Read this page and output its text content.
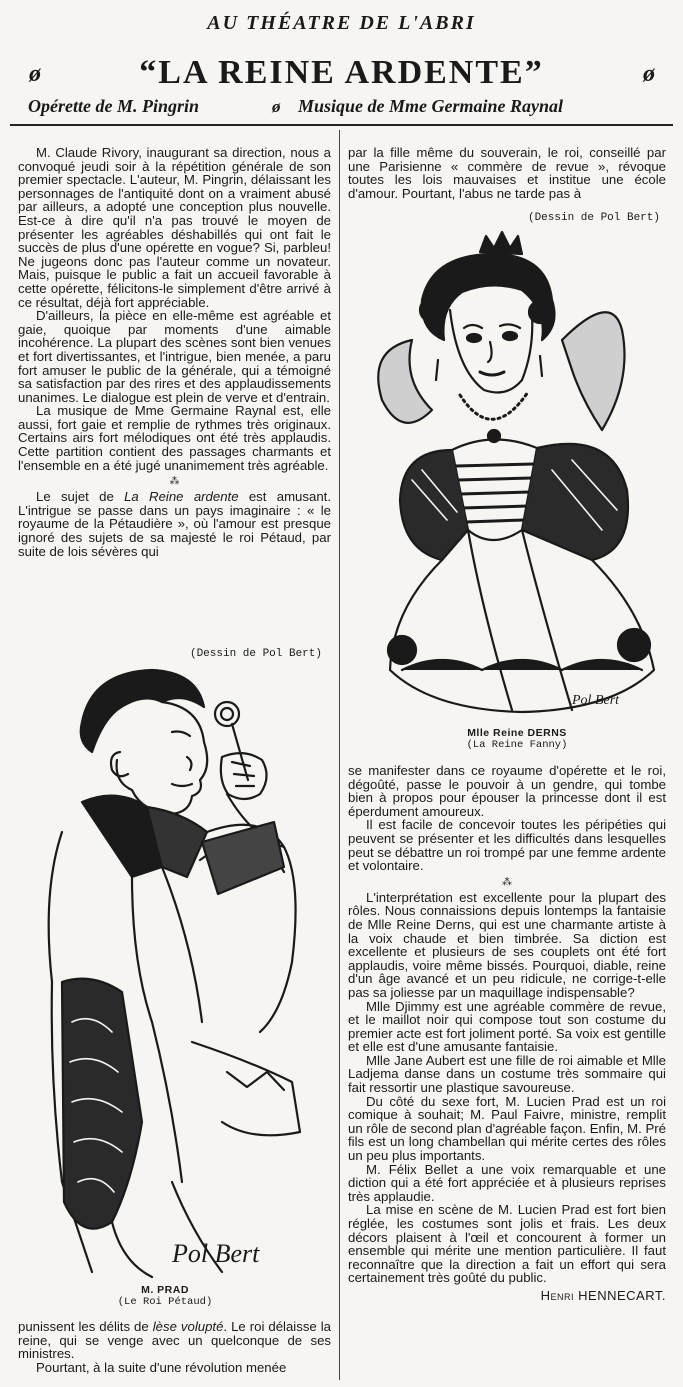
AU THÉATRE DE L'ABRI
ø	“LA REINE ARDENTE”	ø
Opérette de M. Pingrin	ø Musique de Mme Germaine Raynal

M. Claude Rivory, inaugurant sa direction, nous a convoqué jeudi soir à la répétition générale de son premier spectacle. L'auteur, M. Pingrin, délaissant les personnages de l'antiquité dont on a vraiment abusé par ailleurs, a adopté une conception plus nouvelle. Est-ce à dire qu'il n'a pas trouvé le moyen de présenter les agréables déshabillés qui ont fait le succès de plus d'une opérette en vogue? Si, parbleu! Ne jugeons donc pas l'auteur comme un novateur. Mais, puisque le public a fait un accueil favorable à cette opérette, félicitons-le simplement d'être arrivé à ce résultat, déjà fort appréciable.

D'ailleurs, la pièce en elle-même est agréable et gaie, quoique par moments d'une aimable incohérence. La plupart des scènes sont bien venues et fort divertissantes, et l'intrigue, bien menée, a paru fort amuser le public de la générale, qui a témoigné sa satisfaction par des rires et des applaudissements unanimes. Le dialogue est plein de verve et d'entrain.

La musique de Mme Germaine Raynal est, elle aussi, fort gaie et remplie de rythmes très originaux. Certains airs fort mélodiques ont été très applaudis. Cette partition contient des passages charmants et l'ensemble en a été jugé unanimement très agréable.

⁂

Le sujet de La Reine ardente est amusant. L'intrigue se passe dans un pays imaginaire : « le royaume de la Pétaudière », où l'amour est presque ignoré des sujets de sa majesté le roi Pétaud, par suite de lois sévères qui

(Dessin de Pol Bert)
Pol Bert
M. PRAD
(Le Roi Pétaud)

punissent les délits de lèse volupté. Le roi délaisse la reine, qui se venge avec un quelconque de ses ministres.

Pourtant, à la suite d'une révolution menée

par la fille même du souverain, le roi, conseillé par une Parisienne « commère de revue », révoque toutes les lois mauvaises et institue une école d'amour. Pourtant, l'abus ne tarde pas à

(Dessin de Pol Bert)
Pol Bert
Mlle Reine DERNS
(La Reine Fanny)

se manifester dans ce royaume d'opérette et le roi, dégoûté, passe le pouvoir à un gendre, qui tombe bien à propos pour épouser la princesse dont il est éperdument amoureux.

Il est facile de concevoir toutes les péripéties qui peuvent se présenter et les difficultés dans lesquelles peut se débattre un roi trompé par une femme ardente et volontaire.

⁂

L'interprétation est excellente pour la plupart des rôles. Nous connaissions depuis lontemps la fantaisie de Mlle Reine Derns, qui est une charmante artiste à la voix chaude et bien timbrée. Sa diction est excellente et plusieurs de ses couplets ont été fort applaudis, voire même bissés. Pourquoi, diable, reine d'un âge avancé et un peu ridicule, ne corrige-t-elle pas sa joliesse par un maquillage indispensable?

Mlle Djimmy est une agréable commère de revue, et le maillot noir qui compose tout son costume du premier acte est fort joliment porté. Sa voix est gentille et elle est d'une amusante fantaisie.

Mlle Jane Aubert est une fille de roi aimable et Mlle Ladjema danse dans un costume très sommaire qui fait ressortir une plastique savoureuse.

Du côté du sexe fort, M. Lucien Prad est un roi comique à souhait; M. Paul Faivre, ministre, remplit un rôle de second plan d'agréable façon. Enfin, M. Pré fils est un long chambellan qui mérite certes des rôles un peu plus importants.

M. Félix Bellet a une voix remarquable et une diction qui a été fort appréciée et à plusieurs reprises très applaudie.

La mise en scène de M. Lucien Prad est fort bien réglée, les costumes sont jolis et frais. Les deux décors plaisent à l'œil et concourent à former un ensemble qui mérite une mention particulière. Il faut reconnaître que la direction a fait un effort qui sera certainement très goûté du public.

Henri HENNECART.
